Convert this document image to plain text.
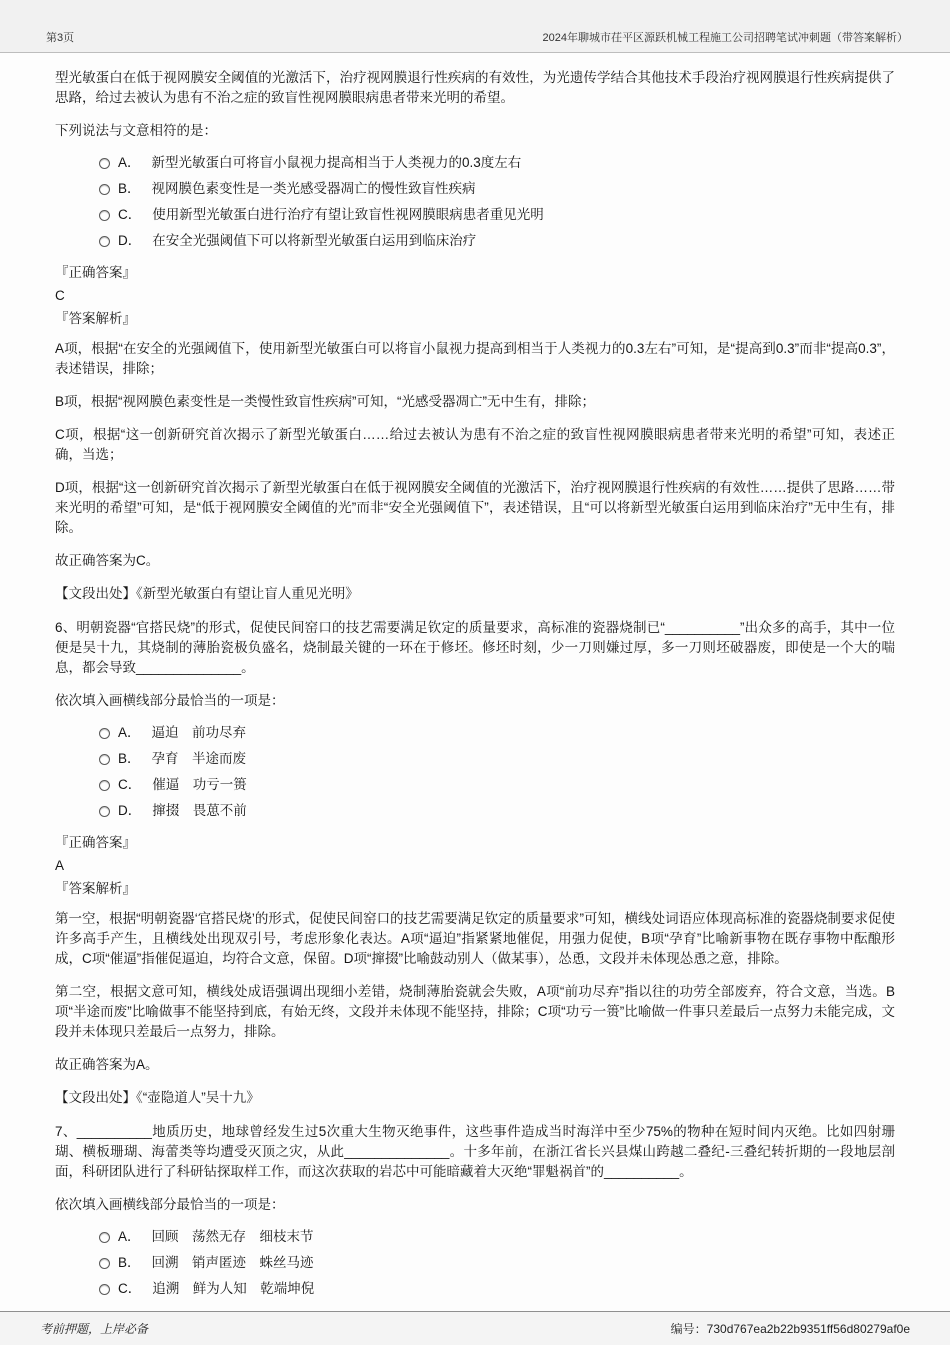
第3页	2024年聊城市茌平区源跃机械工程施工公司招聘笔试冲刺题（带答案解析）

型光敏蛋白在低于视网膜安全阈值的光激活下，治疗视网膜退行性疾病的有效性，为光遗传学结合其他技术手段治疗视网膜退行性疾病提供了思路，给过去被认为患有不治之症的致盲性视网膜眼病患者带来光明的希望。

下列说法与文意相符的是：

A． 新型光敏蛋白可将盲小鼠视力提高相当于人类视力的0.3度左右
B． 视网膜色素变性是一类光感受器凋亡的慢性致盲性疾病
C． 使用新型光敏蛋白进行治疗有望让致盲性视网膜眼病患者重见光明
D． 在安全光强阈值下可以将新型光敏蛋白运用到临床治疗

『正确答案』

C

『答案解析』

A项，根据“在安全的光强阈值下，使用新型光敏蛋白可以将盲小鼠视力提高到相当于人类视力的0.3左右”可知，是“提高到0.3”而非“提高0.3”，表述错误，排除；

B项，根据“视网膜色素变性是一类慢性致盲性疾病”可知，“光感受器凋亡”无中生有，排除；

C项，根据“这一创新研究首次揭示了新型光敏蛋白……给过去被认为患有不治之症的致盲性视网膜眼病患者带来光明的希望”可知，表述正确，当选；

D项，根据“这一创新研究首次揭示了新型光敏蛋白在低于视网膜安全阈值的光激活下，治疗视网膜退行性疾病的有效性……提供了思路……带来光明的希望”可知，是“低于视网膜安全阈值的光”而非“安全光强阈值下”，表述错误，且“可以将新型光敏蛋白运用到临床治疗”无中生有，排除。

故正确答案为C。

【文段出处】《新型光敏蛋白有望让盲人重见光明》

6、明朝瓷器“官搭民烧”的形式，促使民间窑口的技艺需要满足钦定的质量要求，高标准的瓷器烧制已“__________”出众多的高手，其中一位便是吴十九，其烧制的薄胎瓷极负盛名，烧制最关键的一环在于修坯。修坯时刻，少一刀则嫌过厚，多一刀则坯破器废，即使是一个大的喘息，都会导致______________。

依次填入画横线部分最恰当的一项是：

A． 逼迫　前功尽弃
B． 孕育　半途而废
C． 催逼　功亏一篑
D． 撺掇　畏葸不前

『正确答案』

A

『答案解析』

第一空，根据“明朝瓷器‘官搭民烧’的形式，促使民间窑口的技艺需要满足钦定的质量要求”可知，横线处词语应体现高标准的瓷器烧制要求促使许多高手产生，且横线处出现双引号，考虑形象化表达。A项“逼迫”指紧紧地催促，用强力促使，B项“孕育”比喻新事物在既存事物中酝酿形成，C项“催逼”指催促逼迫，均符合文意，保留。D项“撺掇”比喻鼓动别人（做某事），怂恿，文段并未体现怂恿之意，排除。

第二空，根据文意可知，横线处成语强调出现细小差错，烧制薄胎瓷就会失败，A项“前功尽弃”指以往的功劳全部废弃，符合文意，当选。B项“半途而废”比喻做事不能坚持到底，有始无终，文段并未体现不能坚持，排除；C项“功亏一篑”比喻做一件事只差最后一点努力未能完成，文段并未体现只差最后一点努力，排除。

故正确答案为A。

【文段出处】《“壶隐道人”吴十九》

7、__________地质历史，地球曾经发生过5次重大生物灭绝事件，这些事件造成当时海洋中至少75%的物种在短时间内灭绝。比如四射珊瑚、横板珊瑚、海蕾类等均遭受灭顶之灾，从此______________。十多年前，在浙江省长兴县煤山跨越二叠纪-三叠纪转折期的一段地层剖面，科研团队进行了科研钻探取样工作，而这次获取的岩芯中可能暗藏着大灭绝“罪魁祸首”的__________。

依次填入画横线部分最恰当的一项是：

A． 回顾　荡然无存　细枝末节
B． 回溯　销声匿迹　蛛丝马迹
C． 追溯　鲜为人知　乾端坤倪
考前押题，上岸必备	编号：730d767ea2b22b9351ff56d80279af0e
